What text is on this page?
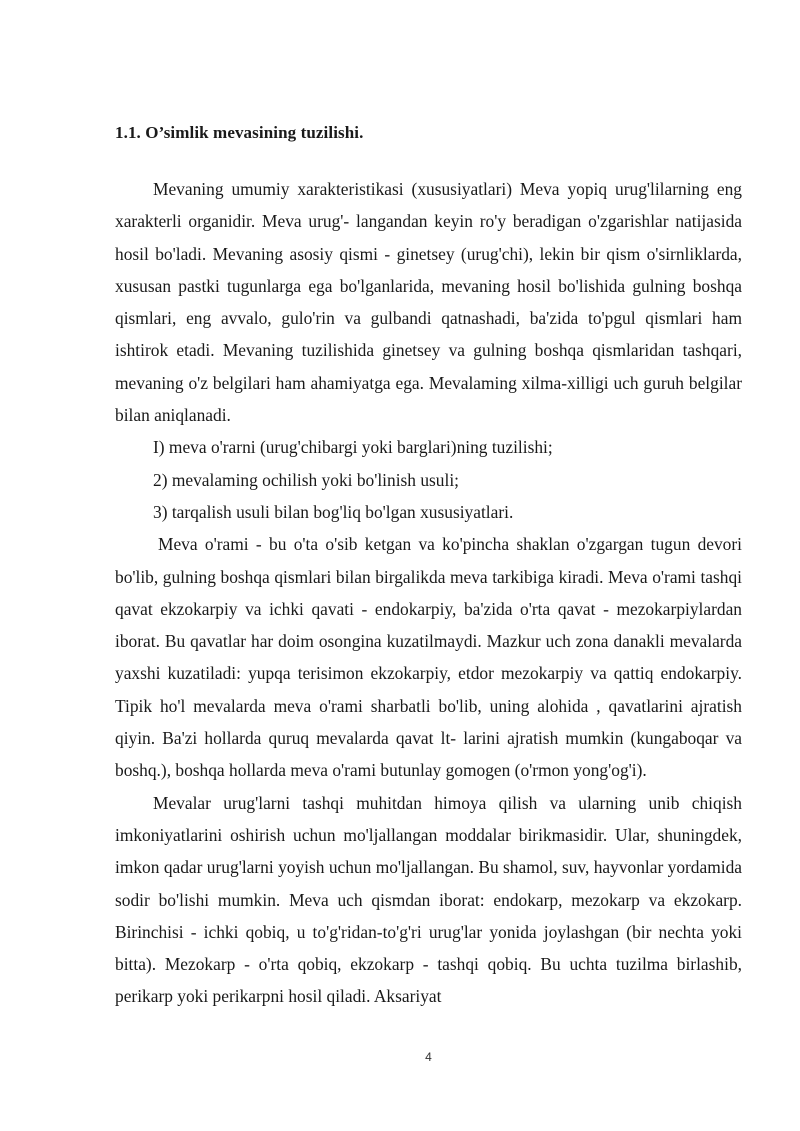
1.1. O’simlik mevasining tuzilishi.

Mevaning umumiy xarakteristikasi (xususiyatlari) Meva yopiq urug'lilarning eng xarakterli organidir. Meva urug'- langandan keyin ro'y beradigan o'zgarishlar natijasida hosil bo'ladi. Mevaning asosiy qismi - ginetsey (urug'chi), lekin bir qism o'sirnliklarda, xususan pastki tugunlarga ega bo'lganlarida, mevaning hosil bo'lishida gulning boshqa qismlari, eng avvalo, gulo'rin va gulbandi qatnashadi, ba'zida to'pgul qismlari ham ishtirok etadi. Mevaning tuzilishida ginetsey va gulning boshqa qismlaridan tashqari, mevaning o'z belgilari ham ahamiyatga ega. Mevalaming xilma-xilligi uch guruh belgilar bilan aniqlanadi.

I) meva o'rarni (urug'chibargi yoki barglari)ning tuzilishi;

2) mevalaming ochilish yoki bo'linish usuli;

3) tarqalish usuli bilan bog'liq bo'lgan xususiyatlari.

Meva o'rami - bu o'ta o'sib ketgan va ko'pincha shaklan o'zgargan tugun devori bo'lib, gulning boshqa qismlari bilan birgalikda meva tarkibiga kiradi. Meva o'rami tashqi qavat ekzokarpiy va ichki qavati - endokarpiy, ba'zida o'rta qavat - mezokarpiylardan iborat. Bu qavatlar har doim osongina kuzatilmaydi. Mazkur uch zona danakli mevalarda yaxshi kuzatiladi: yupqa terisimon ekzokarpiy, etdor mezokarpiy va qattiq endokarpiy. Tipik ho'l mevalarda meva o'rami sharbatli bo'lib, uning alohida , qavatlarini ajratish qiyin. Ba'zi hollarda quruq mevalarda qavat lt- larini ajratish mumkin (kungaboqar va boshq.), boshqa hollarda meva o'rami butunlay gomogen (o'rmon yong'og'i).

Mevalar urug'larni tashqi muhitdan himoya qilish va ularning unib chiqish imkoniyatlarini oshirish uchun mo'ljallangan moddalar birikmasidir. Ular, shuningdek, imkon qadar urug'larni yoyish uchun mo'ljallangan. Bu shamol, suv, hayvonlar yordamida sodir bo'lishi mumkin. Meva uch qismdan iborat: endokarp, mezokarp va ekzokarp. Birinchisi - ichki qobiq, u to'g'ridan-to'g'ri urug'lar yonida joylashgan (bir nechta yoki bitta). Mezokarp - o'rta qobiq, ekzokarp - tashqi qobiq. Bu uchta tuzilma birlashib, perikarp yoki perikarpni hosil qiladi. Aksariyat

4
